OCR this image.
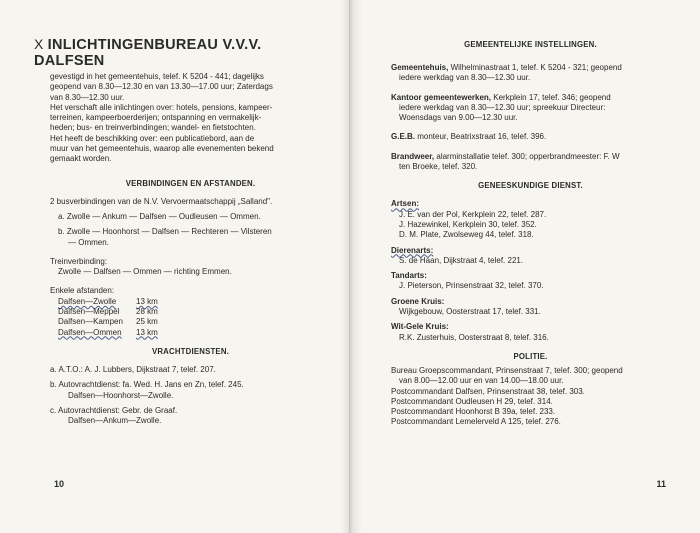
X INLICHTINGENBUREAU V.V.V. DALFSEN

gevestigd in het gemeentehuis, telef. K 5204 - 441; dagelijks

geopend van 8.30—12.30 en van 13.30—17.00 uur; Zaterdags

van 8.30—12.30 uur.

Het verschaft alle inlichtingen over: hotels, pensions, kampeer-

terreinen, kampeerboerderijen; ontspanning en vermakelijk-

heden; bus- en treinverbindingen; wandel- en fietstochten.

Het heeft de beschikking over: een publicatiebord, aan de

muur van het gemeentehuis, waarop alle evenementen bekend

gemaakt worden.

VERBINDINGEN EN AFSTANDEN.

2 busverbindingen van de N.V. Vervoermaatschappij „Salland".

a. Zwolle — Ankum — Dalfsen — Oudleusen — Ommen.

b. Zwolle — Hoonhorst — Dalfsen — Rechteren — Vilsteren

— Ommen.

Treinverbinding:

Zwolle — Dalfsen — Ommen — richting Emmen.

Enkele afstanden:

Dalfsen—Zwolle	13 km
Dalfsen—Meppel	28 km
Dalfsen—Kampen	25 km
Dalfsen—Ommen	13 km

VRACHTDIENSTEN.

a. A.T.O.: A. J. Lubbers, Dijkstraat 7, telef. 207.

b. Autovrachtdienst: fa. Wed. H. Jans en Zn, telef. 245.

Dalfsen—Hoonhorst—Zwolle.

c. Autovrachtdienst: Gebr. de Graaf.

Dalfsen—Ankum—Zwolle.

10

GEMEENTELIJKE INSTELLINGEN.

Gemeentehuis, Wilhelminastraat 1, telef. K 5204 - 321; geopend

iedere werkdag van 8.30—12.30 uur.

Kantoor gemeentewerken, Kerkplein 17, telef. 346; geopend

iedere werkdag van 8.30—12.30 uur; spreekuur Directeur:

Woensdags van 9.00—12.30 uur.

G.E.B. monteur, Beatrixstraat 16, telef. 396.

Brandweer, alarminstallatie telef. 300; opperbrandmeester: F. W

ten Broeke, telef. 320.

GENEESKUNDIGE DIENST.

Artsen:

J. E. van der Pol, Kerkplein 22, telef. 287.

J. Hazewinkel, Kerkplein 30, telef. 352.

D. M. Plate, Zwolseweg 44, telef. 318.

Dierenarts:

S. de Haan, Dijkstraat 4, telef. 221.

Tandarts:

J. Pieterson, Prinsenstraat 32, telef. 370.

Groene Kruis:

Wijkgebouw, Oosterstraat 17, telef. 331.

Wit-Gele Kruis:

R.K. Zusterhuis, Oosterstraat 8, telef. 316.

POLITIE.

Bureau Groepscommandant, Prinsenstraat 7, telef. 300; geopend

van 8.00—12.00 uur en van 14.00—18.00 uur.

Postcommandant Dalfsen, Prinsenstraat 38, telef. 303.

Postcommandant Oudleusen H 29, telef. 314.

Postcommandant Hoonhorst B 39a, telef. 233.

Postcommandant Lemelerveld A 125, telef. 276.

11
